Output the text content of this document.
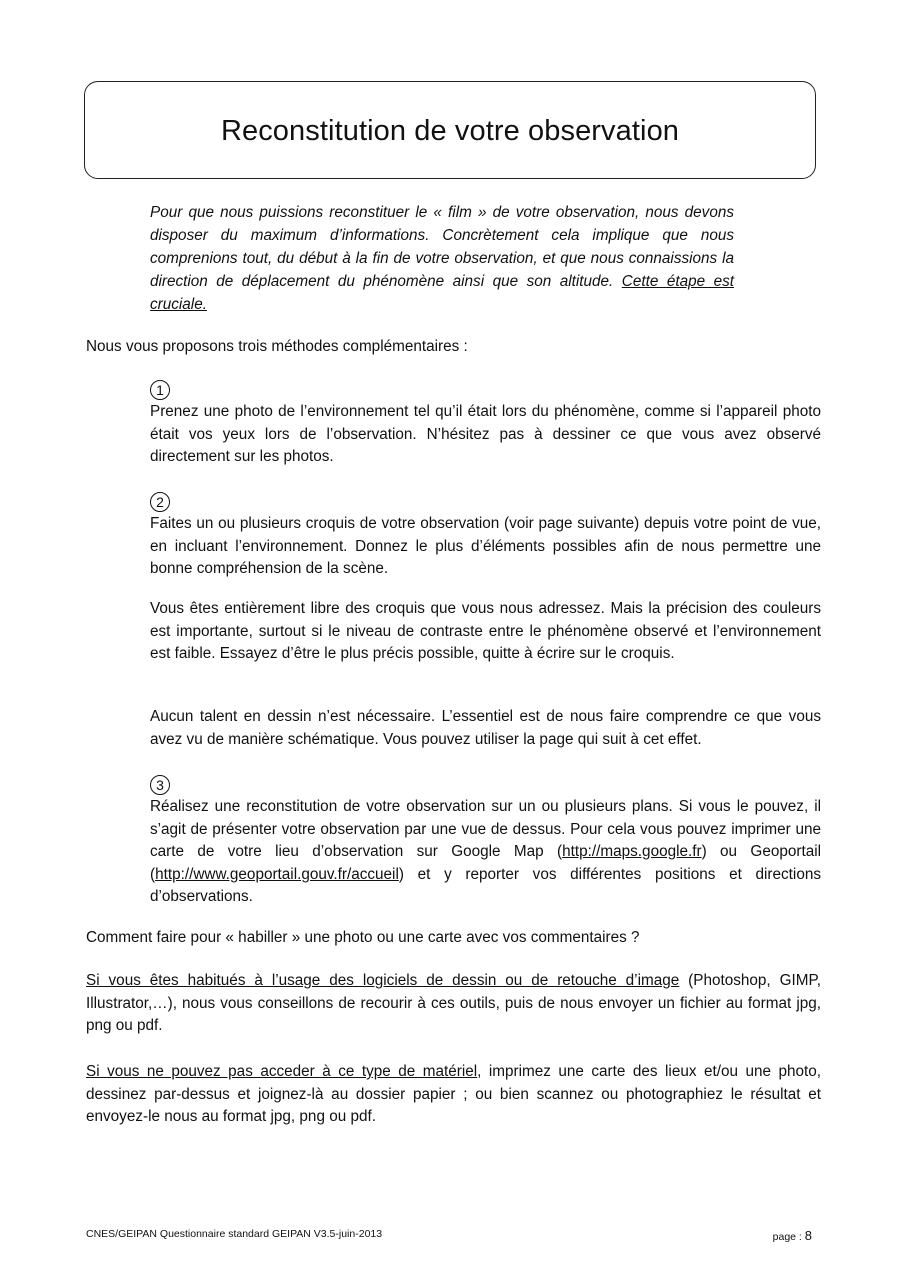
Reconstitution de votre observation

Pour que nous puissions reconstituer le « film » de votre observation, nous devons disposer du maximum d’informations. Concrètement cela implique que nous comprenions tout, du début à la fin de votre observation, et que nous connaissions la direction de déplacement du phénomène ainsi que son altitude. Cette étape est cruciale.

Nous vous proposons trois méthodes complémentaires :

1

Prenez une photo de l’environnement tel qu’il était lors du phénomène, comme si l’appareil photo était vos yeux lors de l’observation. N’hésitez pas à dessiner ce que vous avez observé directement sur les photos.

2

Faites un ou plusieurs croquis de votre observation (voir page suivante) depuis votre point de vue, en incluant l’environnement. Donnez le plus d’éléments possibles afin de nous permettre une bonne compréhension de la scène.

Vous êtes entièrement libre des croquis que vous nous adressez. Mais la précision des couleurs est importante, surtout si le niveau de contraste entre le phénomène observé et l’environnement est faible. Essayez d’être le plus précis possible, quitte à écrire sur le croquis.

Aucun talent en dessin n’est nécessaire. L’essentiel est de nous faire comprendre ce que vous avez vu de manière schématique. Vous pouvez utiliser la page qui suit à cet effet.

3

Réalisez une reconstitution de votre observation sur un ou plusieurs plans. Si vous le pouvez, il s’agit de présenter votre observation par une vue de dessus. Pour cela vous pouvez imprimer une carte de votre lieu d’observation sur Google Map (http://maps.google.fr) ou Geoportail (http://www.geoportail.gouv.fr/accueil) et y reporter vos différentes positions et directions d’observations.

Comment faire pour « habiller » une photo ou une carte avec vos commentaires ?

Si vous êtes habitués à l’usage des logiciels de dessin ou de retouche d’image (Photoshop, GIMP, Illustrator,…), nous vous conseillons de recourir à ces outils, puis de nous envoyer un fichier au format jpg, png ou pdf.

Si vous ne pouvez pas acceder à ce type de matériel, imprimez une carte des lieux et/ou une photo, dessinez par-dessus et joignez-là au dossier papier ; ou bien scannez ou photographiez le résultat et envoyez-le nous au format jpg, png ou pdf.

CNES/GEIPAN Questionnaire standard GEIPAN V3.5-juin-2013	page : 8
